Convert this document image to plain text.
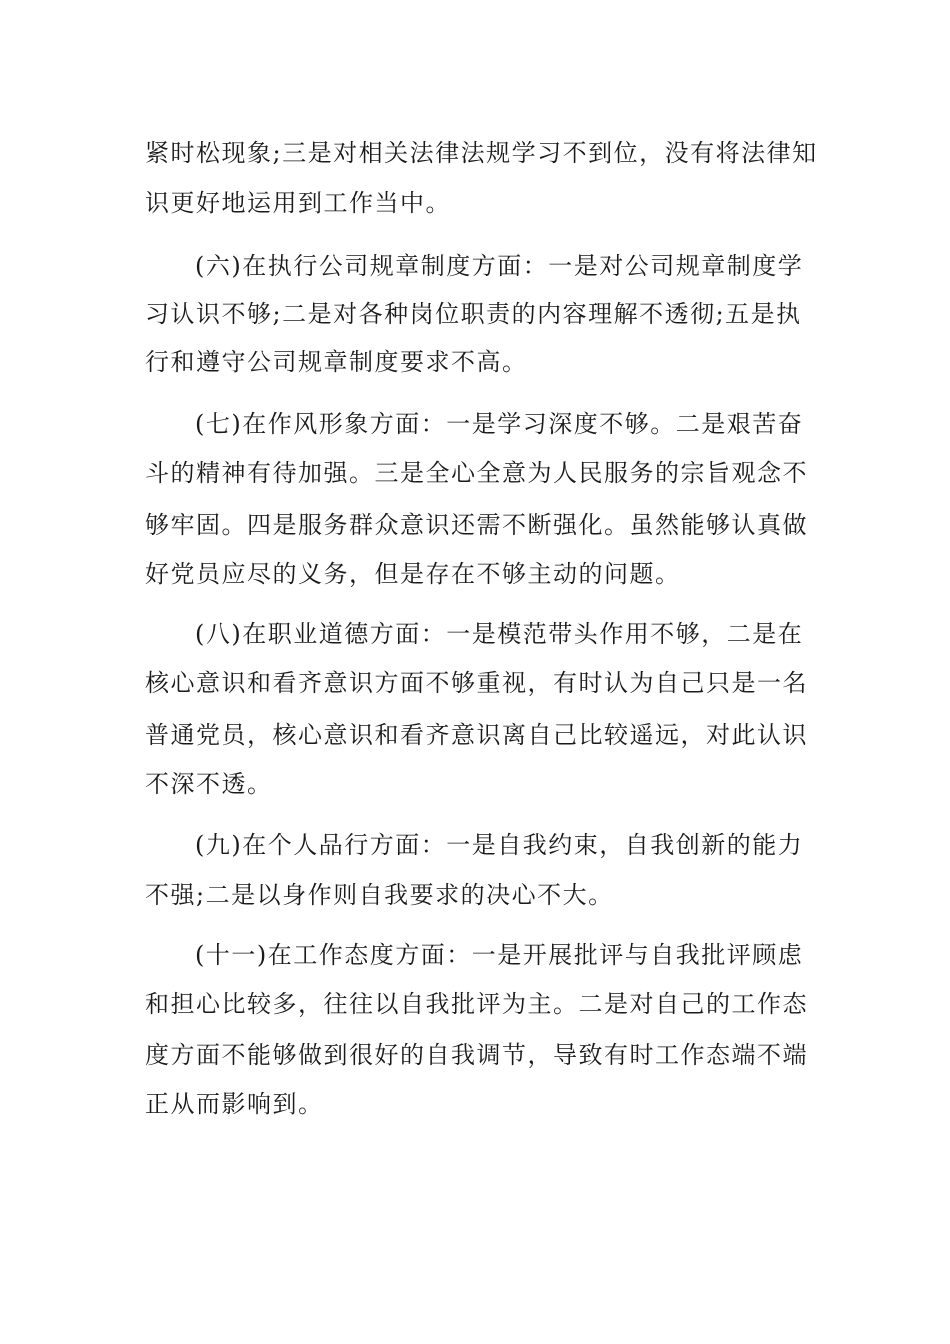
紧时松现象;三是对相关法律法规学习不到位，没有将法律知
识更好地运用到工作当中。
(六)在执行公司规章制度方面：一是对公司规章制度学
习认识不够;二是对各种岗位职责的内容理解不透彻;五是执
行和遵守公司规章制度要求不高。
(七)在作风形象方面：一是学习深度不够。二是艰苦奋
斗的精神有待加强。三是全心全意为人民服务的宗旨观念不
够牢固。四是服务群众意识还需不断强化。虽然能够认真做
好党员应尽的义务，但是存在不够主动的问题。
(八)在职业道德方面：一是模范带头作用不够，二是在
核心意识和看齐意识方面不够重视，有时认为自己只是一名
普通党员，核心意识和看齐意识离自己比较遥远，对此认识
不深不透。
(九)在个人品行方面：一是自我约束，自我创新的能力
不强;二是以身作则自我要求的决心不大。
(十一)在工作态度方面：一是开展批评与自我批评顾虑
和担心比较多，往往以自我批评为主。二是对自己的工作态
度方面不能够做到很好的自我调节，导致有时工作态端不端
正从而影响到。
